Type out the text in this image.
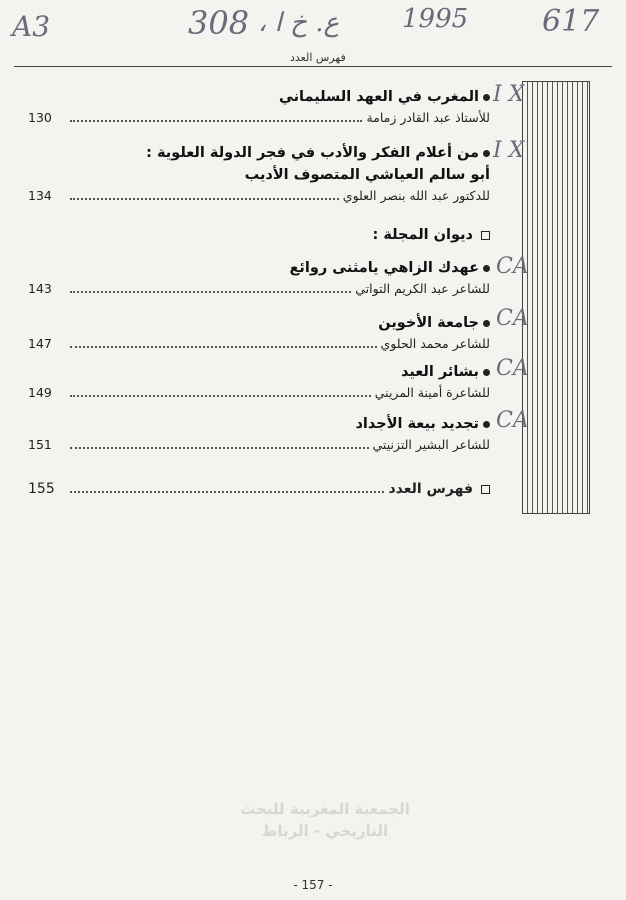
A3	308 ع. خ ا ، 1995 617
فهرس العدد
المغرب في العهد السليماني
130	للأستاذ عبد القادر زمامة
I X
من أعلام الفكر والأدب في فجر الدولة العلوية :
أبو سالم العياشي المتصوف الأديب
134	للدكتور عبد الله بنصر العلوي
I X
ديوان المجلة :
عهدك الزاهي يامثنى روائع
143	للشاعر عبد الكريم التواتي
CA
جامعة الأخوين
147	للشاعر محمد الحلوي
CA
بشائر العيد
149	للشاعرة أمينة المريني
CA
تجديد بيعة الأجداد
151	للشاعر البشير التزنيتي
CA
155	فهرس العدد
الجمعية المغربية للبحث
التاريخي - الرباط
- 157 -
